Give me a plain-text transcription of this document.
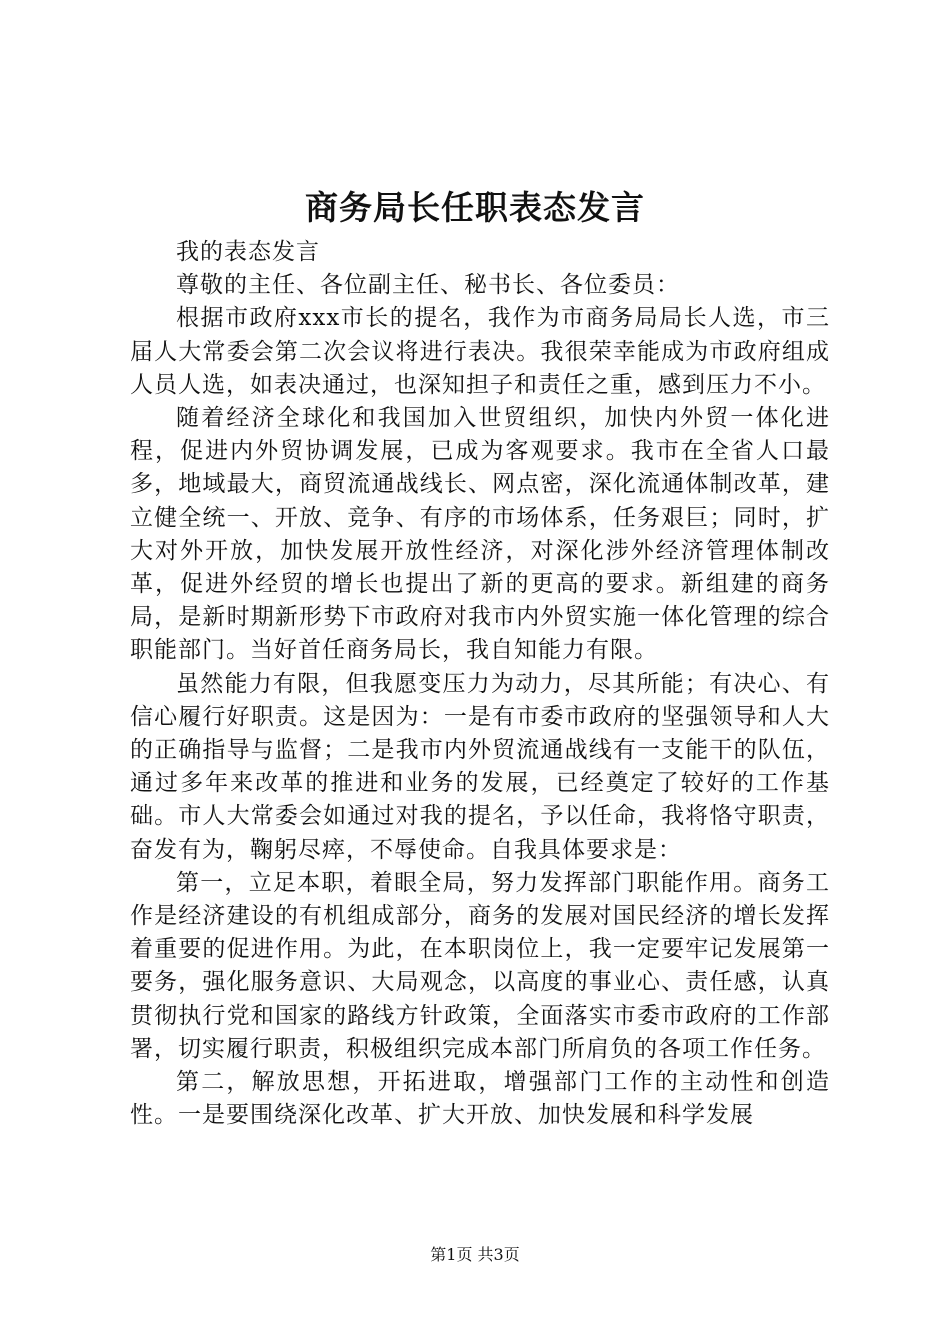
商务局长任职表态发言

我的表态发言

尊敬的主任、各位副主任、秘书长、各位委员：

根据市政府xxx市长的提名，我作为市商务局局长人选，市三届人大常委会第二次会议将进行表决。我很荣幸能成为市政府组成人员人选，如表决通过，也深知担子和责任之重，感到压力不小。

随着经济全球化和我国加入世贸组织，加快内外贸一体化进程，促进内外贸协调发展，已成为客观要求。我市在全省人口最多，地域最大，商贸流通战线长、网点密，深化流通体制改革，建立健全统一、开放、竞争、有序的市场体系，任务艰巨；同时，扩大对外开放，加快发展开放性经济，对深化涉外经济管理体制改革，促进外经贸的增长也提出了新的更高的要求。新组建的商务局，是新时期新形势下市政府对我市内外贸实施一体化管理的综合职能部门。当好首任商务局长，我自知能力有限。

虽然能力有限，但我愿变压力为动力，尽其所能；有决心、有信心履行好职责。这是因为：一是有市委市政府的坚强领导和人大的正确指导与监督；二是我市内外贸流通战线有一支能干的队伍，通过多年来改革的推进和业务的发展，已经奠定了较好的工作基础。市人大常委会如通过对我的提名，予以任命，我将恪守职责，奋发有为，鞠躬尽瘁，不辱使命。自我具体要求是：

第一，立足本职，着眼全局，努力发挥部门职能作用。商务工作是经济建设的有机组成部分，商务的发展对国民经济的增长发挥着重要的促进作用。为此，在本职岗位上，我一定要牢记发展第一要务，强化服务意识、大局观念，以高度的事业心、责任感，认真贯彻执行党和国家的路线方针政策，全面落实市委市政府的工作部署，切实履行职责，积极组织完成本部门所肩负的各项工作任务。

第二，解放思想，开拓进取，增强部门工作的主动性和创造性。一是要围绕深化改革、扩大开放、加快发展和科学发展

第1页 共3页
